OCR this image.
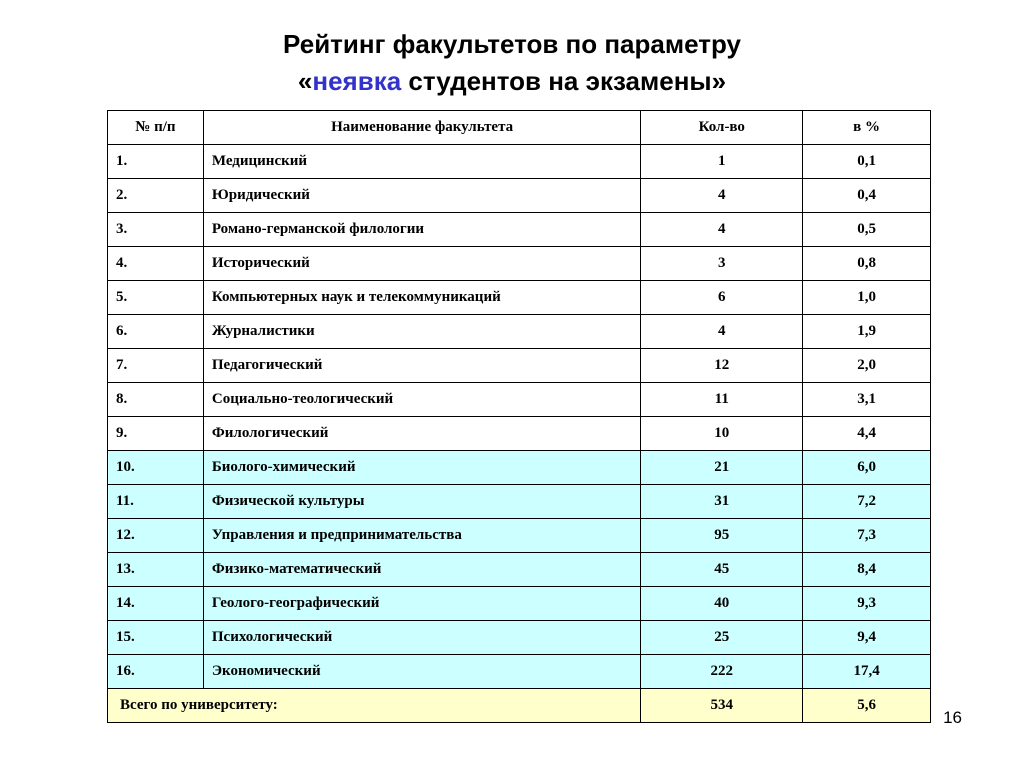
Рейтинг факультетов по параметру
«неявка студентов на экзамены»
№ п/п	Наименование факультета	Кол-во	в %
1.	Медицинский	1	0,1
2.	Юридический	4	0,4
3.	Романо-германской филологии	4	0,5
4.	Исторический	3	0,8
5.	Компьютерных наук и телекоммуникаций	6	1,0
6.	Журналистики	4	1,9
7.	Педагогический	12	2,0
8.	Социально-теологический	11	3,1
9.	Филологический	10	4,4
10.	Биолого-химический	21	6,0
11.	Физической культуры	31	7,2
12.	Управления и предпринимательства	95	7,3
13.	Физико-математический	45	8,4
14.	Геолого-географический	40	9,3
15.	Психологический	25	9,4
16.	Экономический	222	17,4
Всего по университету:		534	5,6
16
